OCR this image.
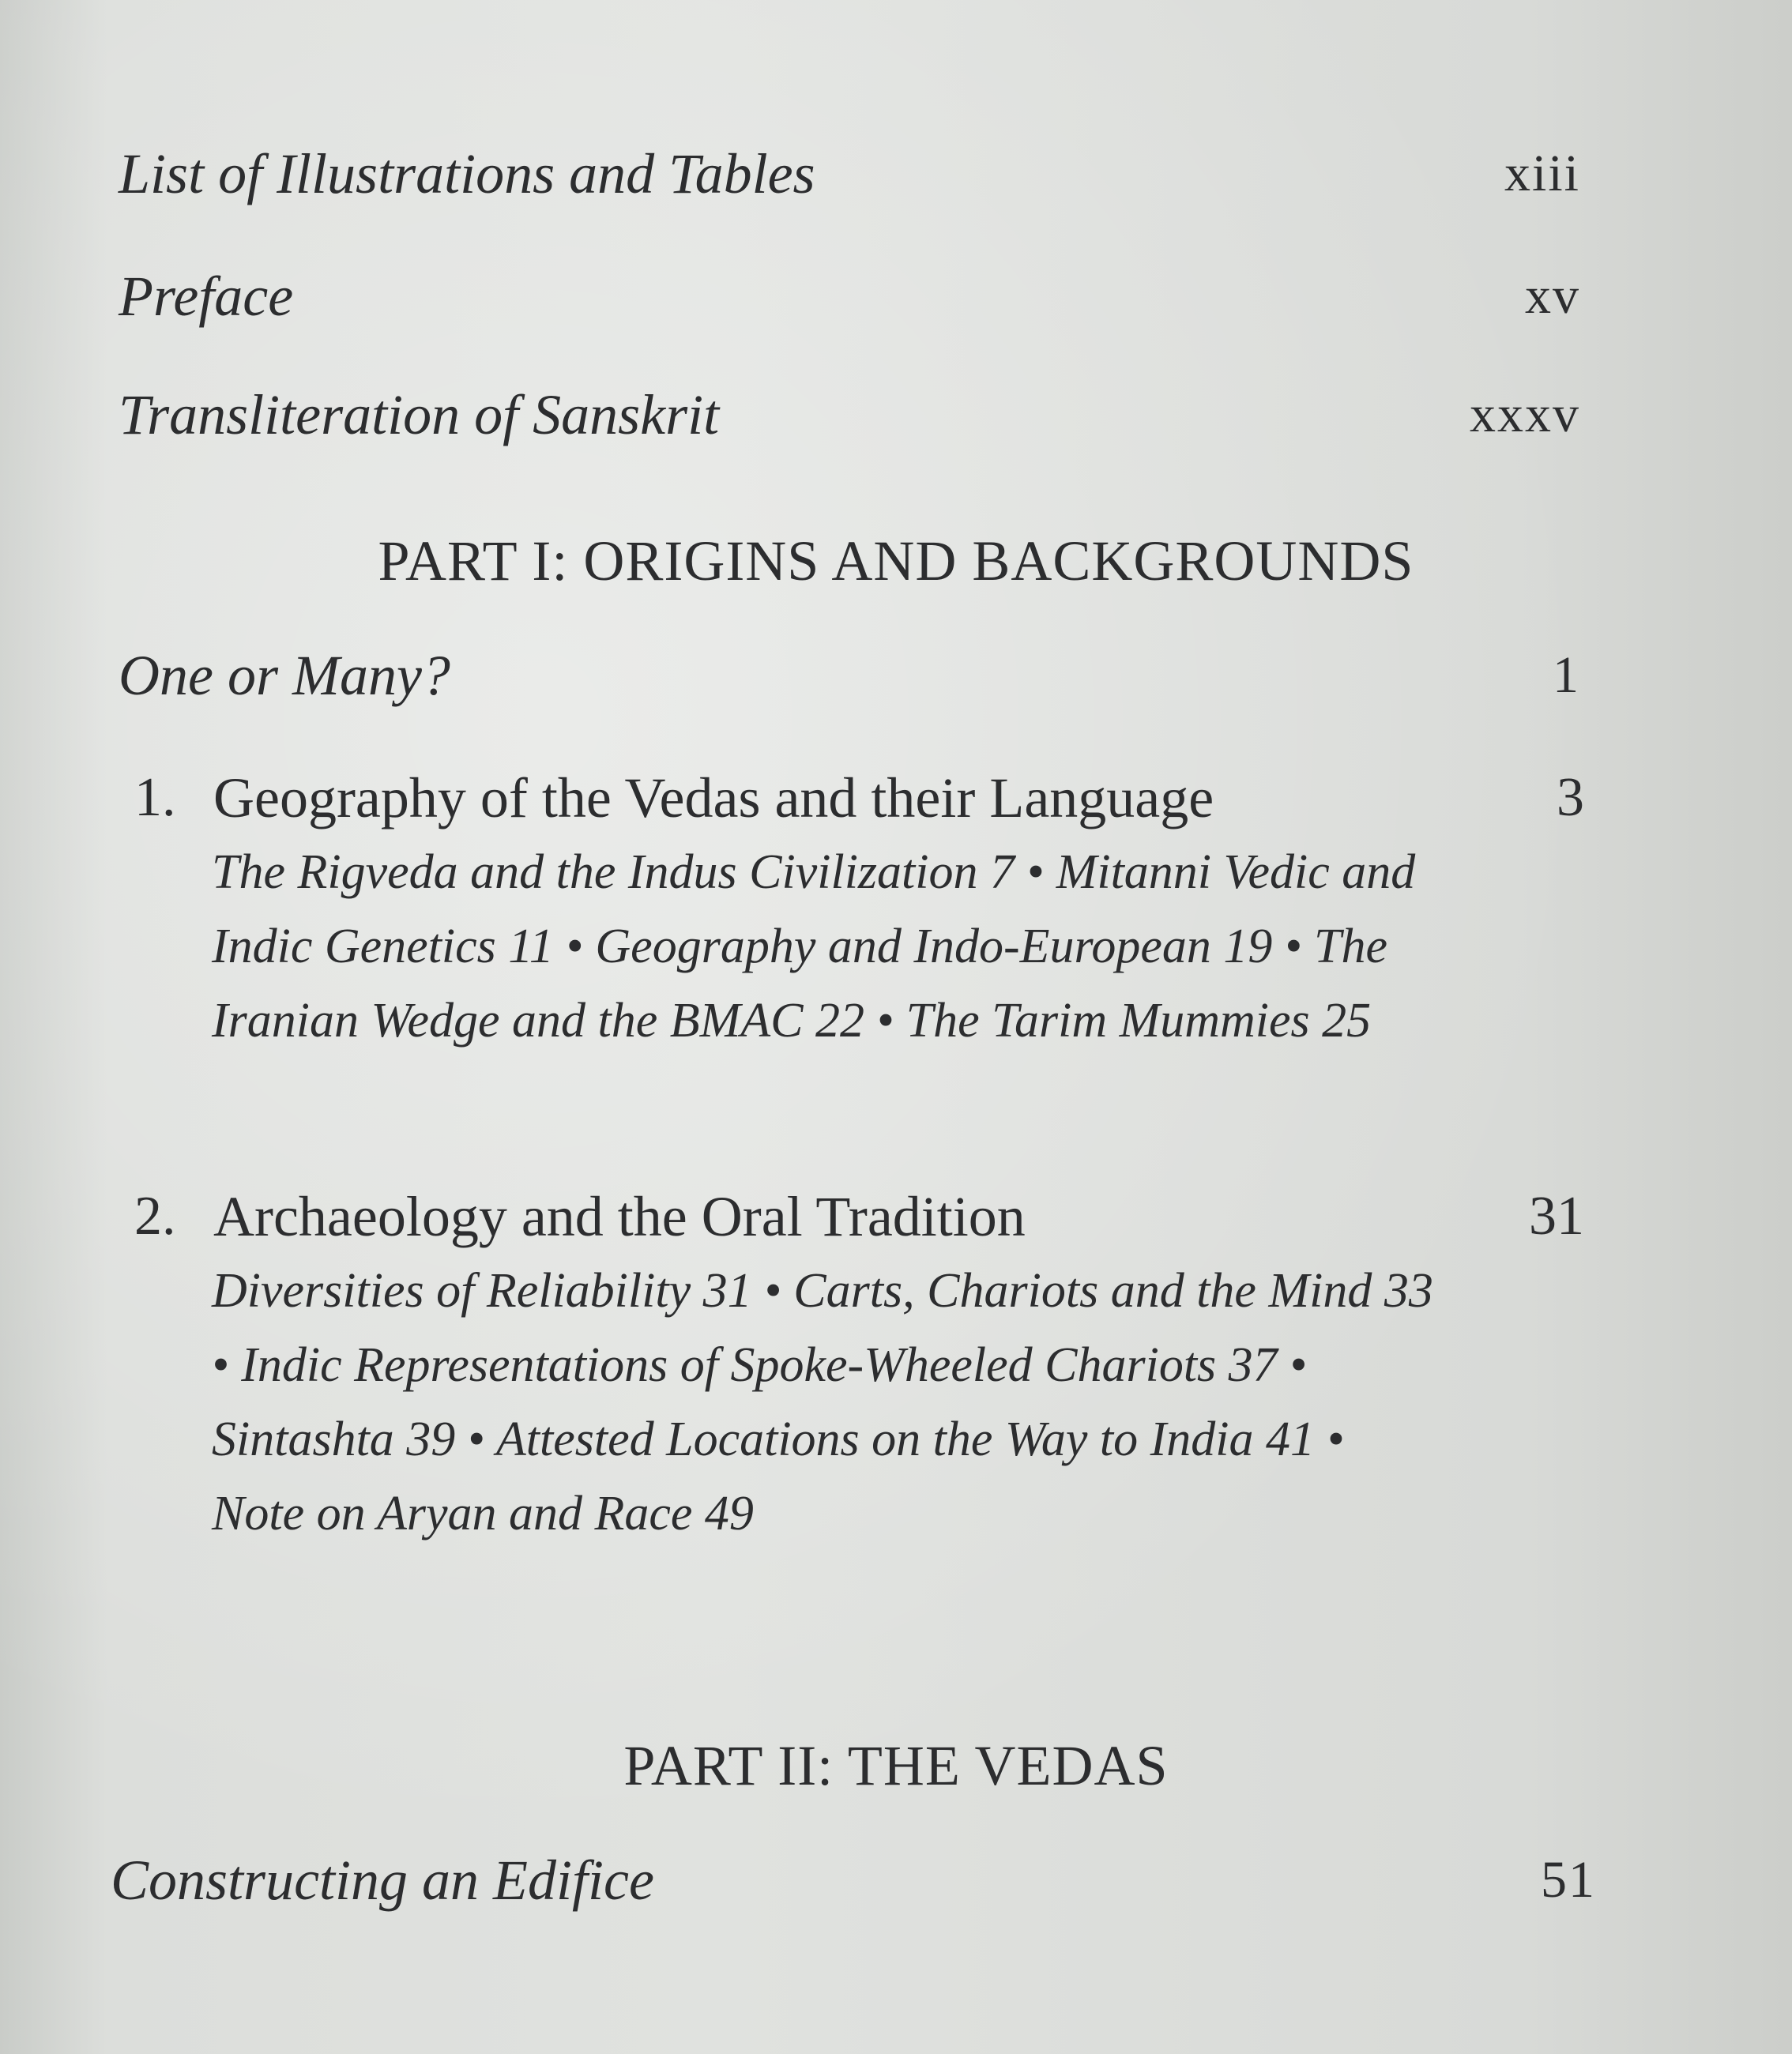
List of Illustrations and Tables	xiii
Preface	xv
Transliteration of Sanskrit	xxxv
PART I: ORIGINS AND BACKGROUNDS
One or Many?	1
1. Geography of the Vedas and their Language	3

The Rigveda and the Indus Civilization 7 • Mitanni Vedic and Indic Genetics 11 • Geography and Indo-European 19 • The Iranian Wedge and the BMAC 22 • The Tarim Mummies 25

2. Archaeology and the Oral Tradition	31

Diversities of Reliability 31 • Carts, Chariots and the Mind 33 • Indic Representations of Spoke-Wheeled Chariots 37 • Sintashta 39 • Attested Locations on the Way to India 41 • Note on Aryan and Race 49

PART II: THE VEDAS
Constructing an Edifice	51
